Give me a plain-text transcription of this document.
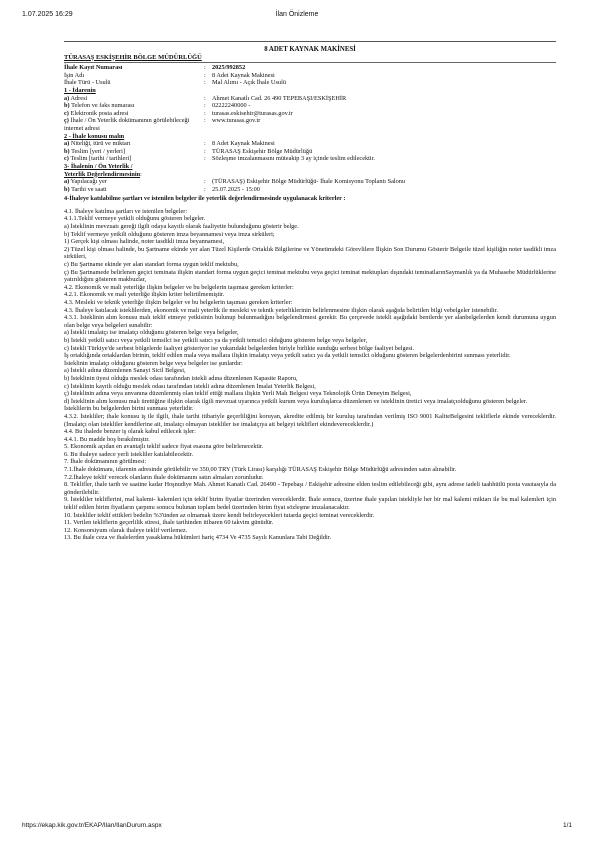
1.07.2025 16:29	İlan Önizleme
8 ADET KAYNAK MAKİNESİ
TÜRASAŞ ESKİŞEHİR BÖLGE MÜDÜRLÜĞÜ
İhale Kayıt Numarası	: 2025/992852
İşin Adı	: 8 Adet Kaynak Makinesi
İhale Türü - Usulü	: Mal Alımı - Açık İhale Usulü
1 - İdarenin
a) Adresi	: Ahmet Kanatlı Cad. 26 490 TEPEBAŞI/ESKİŞEHİR
b) Telefon ve faks numarası	: 02222240000 -
c) Elektronik posta adresi	: turasas.eskisehir@turasas.gov.tr
ç) İhale / Ön Yeterlik dokümanının görülebileceği internet adresi
: www.turasas.gov.tr
2 - İhale konusu malın
a) Niteliği, türü ve miktarı	: 8 Adet Kaynak Makinesi
b) Teslim [yeri / yerleri]	: TÜRASAŞ Eskişehir Bölge Müdürlüğü
c) Teslim [tarihi / tarihleri]	: Sözleşme imzalanmasını müteakip 3 ay içinde teslim edilecektir.
3- İhalenin / Ön Yeterlik /
Yeterlik Değerlendirmesinin:
a) Yapılacağı yer	: (TÜRASAŞ) Eskişehir Bölge Müdürlüğü- İhale Komisyonu Toplantı Salonu
b) Tarihi ve saati	: 25.07.2025 - 15:00
4-İhaleye katılabilme şartları ve istenilen belgeler ile yeterlik değerlendirmesinde uygulanacak kriterler :
4.1. İhaleye katılma şartları ve istenilen belgeler:
4.1.1.Teklif vermeye yetkili olduğunu gösteren belgeler.
a) İsteklinin mevzuatı gereği ilgili odaya kayıtlı olarak faaliyette bulunduğunu gösterir belge.
b) Teklif vermeye yetkili olduğunu gösteren imza beyannamesi veya imza sirküleri;
1) Gerçek kişi olması halinde, noter tasdikli imza beyannamesi,
2) Tüzel kişi olması halinde, bu Şartname ekinde yer alan Tüzel Kişilerde Ortaklık Bilgilerine ve Yönetimdeki Görevlilere İlişkin Son Durumu Gösterir Belgeile tüzel kişiliğin noter tasdikli imza sirküleri,
c) Bu Şartname ekinde yer alan standart forma uygun teklif mektubu,
ç) Bu Şartnamede belirlenen geçici teminata ilişkin standart forma uygun geçici teminat mektubu veya geçici teminat mektupları dışındaki teminatlarınSaymanlık ya da Muhasebe Müdürlüklerine yatırıldığını gösteren makbuzlar,
4.2. Ekonomik ve mali yeterliğe ilişkin belgeler ve bu belgelerin taşıması gereken kriterler:
4.2.1. Ekonomik ve mali yeterliğe ilişkin kriter belirtilmemiştir.
4.3. Mesleki ve teknik yeterliğe ilişkin belgeler ve bu belgelerin taşıması gereken kriterler:
4.3. İhaleye katılacak isteklilerden, ekonomik ve mali yeterlik ile mesleki ve teknik yeterliklerinin belirlenmesine ilişkin olarak aşağıda belirtilen bilgi vebelgeler istenebilir.
4.3.1. İsteklinin alım konusu malı teklif etmeye yetkisinin bulunup bulunmadığını belgelendirmesi gerekir. Bu çerçevede istekli aşağıdaki bentlerde yer alanbelgelerden kendi durumuna uygun olan belge veya belgeleri sunabilir:
a) İstekli imalatçı ise imalatçı olduğunu gösteren belge veya belgeler,
b) İstekli yetkili satıcı veya yetkili temsilci ise yetkili satıcı ya da yetkili temsilci olduğunu gösteren belge veya belgeler,
c) İstekli Türkiye'de serbest bölgelerde faaliyet gösteriyor ise yukarıdaki belgelerden biriyle birlikte sunduğu serbest bölge faaliyet belgesi.
İş ortaklığında ortaklardan birinin, teklif edilen mala veya mallara ilişkin imalatçı veya yetkili satıcı ya da yetkili temsilci olduğunu gösteren belgelerdenbirini sunması yeterlidir.
İsteklinin imalatçı olduğunu gösteren belge veya belgeler ise şunlardır:
a) İstekli adına düzenlenen Sanayi Sicil Belgesi,
b) İsteklinin üyesi olduğu meslek odası tarafından istekli adına düzenlenen Kapasite Raporu,
c) İsteklinin kayıtlı olduğu meslek odası tarafından istekli adına düzenlenen İmalat Yeterlik Belgesi,
ç) İsteklinin adına veya unvanına düzenlenmiş olan teklif ettiği mallara ilişkin Yerli Malı Belgesi veya Teknolojik Ürün Deneyim Belgesi,
d) İsteklinin alım konusu malı ürettiğine ilişkin olarak ilgili mevzuat uyarınca yetkili kurum veya kuruluşlarca düzenlenen ve isteklinin üretici veya imalatçıolduğunu gösteren belgeler.
İsteklilerin bu belgelerden birini sunması yeterlidir.
4.3.2. İstekliler; ihale konusu iş ile ilgili, ihale tarihi itibariyle geçerliliğini koruyan, akredite edilmiş bir kuruluş tarafından verilmiş ISO 9001 KaliteBelgesini tekliflerle ekinde vereceklerdir. (İmalatçı olan istekliler kendilerine ait, imalatçı olmayan istekliler ise imalatçıya ait belgeyi teklifleri ekindevereceklerdir.)
4.4. Bu ihalede benzer iş olarak kabul edilecek işler:
4.4.1. Bu madde boş bırakılmıştır.
5. Ekonomik açıdan en avantajlı teklif sadece fiyat esasına göre belirlenecektir.
6. Bu ihaleye sadece yerli istekliler katılabilecektir.
7. İhale dokümanının görülmesi:
7.1.İhale dokümanı, idarenin adresinde görülebilir ve 350,00 TRY (Türk Lirası) karşılığı TÜRASAŞ Eskişehir Bölge Müdürlüğü adresinden satın alınabilir.
7.2.İhaleye teklif verecek olanların ihale dokümanını satın almaları zorunludur.
8. Teklifler, ihale tarih ve saatine kadar Hoşnudiye Mah. Ahmet Kanatlı Cad. 26490 - Tepebaşı / Eskişehir adresine elden teslim edilebileceği gibi, aynı adrese iadeli taahhütlü posta vasıtasıyla da gönderilebilir.
9. İstekliler tekliflerini, mal kalemi- kalemleri için teklif birim fiyatlar üzerinden vereceklerdir. İhale sonucu, üzerine ihale yapılan istekliyle her bir mal kalemi miktarı ile bu mal kalemleri için teklif edilen birim fiyatların çarpımı sonucu bulunan toplam bedel üzerinden birim fiyat sözleşme imzalanacaktır.
10. İstekliler teklif ettikleri bedelin %3'ünden az olmamak üzere kendi belirleyecekleri tutarda geçici teminat vereceklerdir.
11. Verilen tekliflerin geçerlilik süresi, ihale tarihinden itibaren 60 takvim günüdür.
12. Konsorsiyum olarak ihaleye teklif verilemez.
13. Bu ihale ceza ve ihalelerden yasaklama hükümleri hariç 4734 Ve 4735 Sayılı Kanunlara Tabi Değildir.
https://ekap.kik.gov.tr/EKAP/Ilan/IlanDurum.aspx	1/1
